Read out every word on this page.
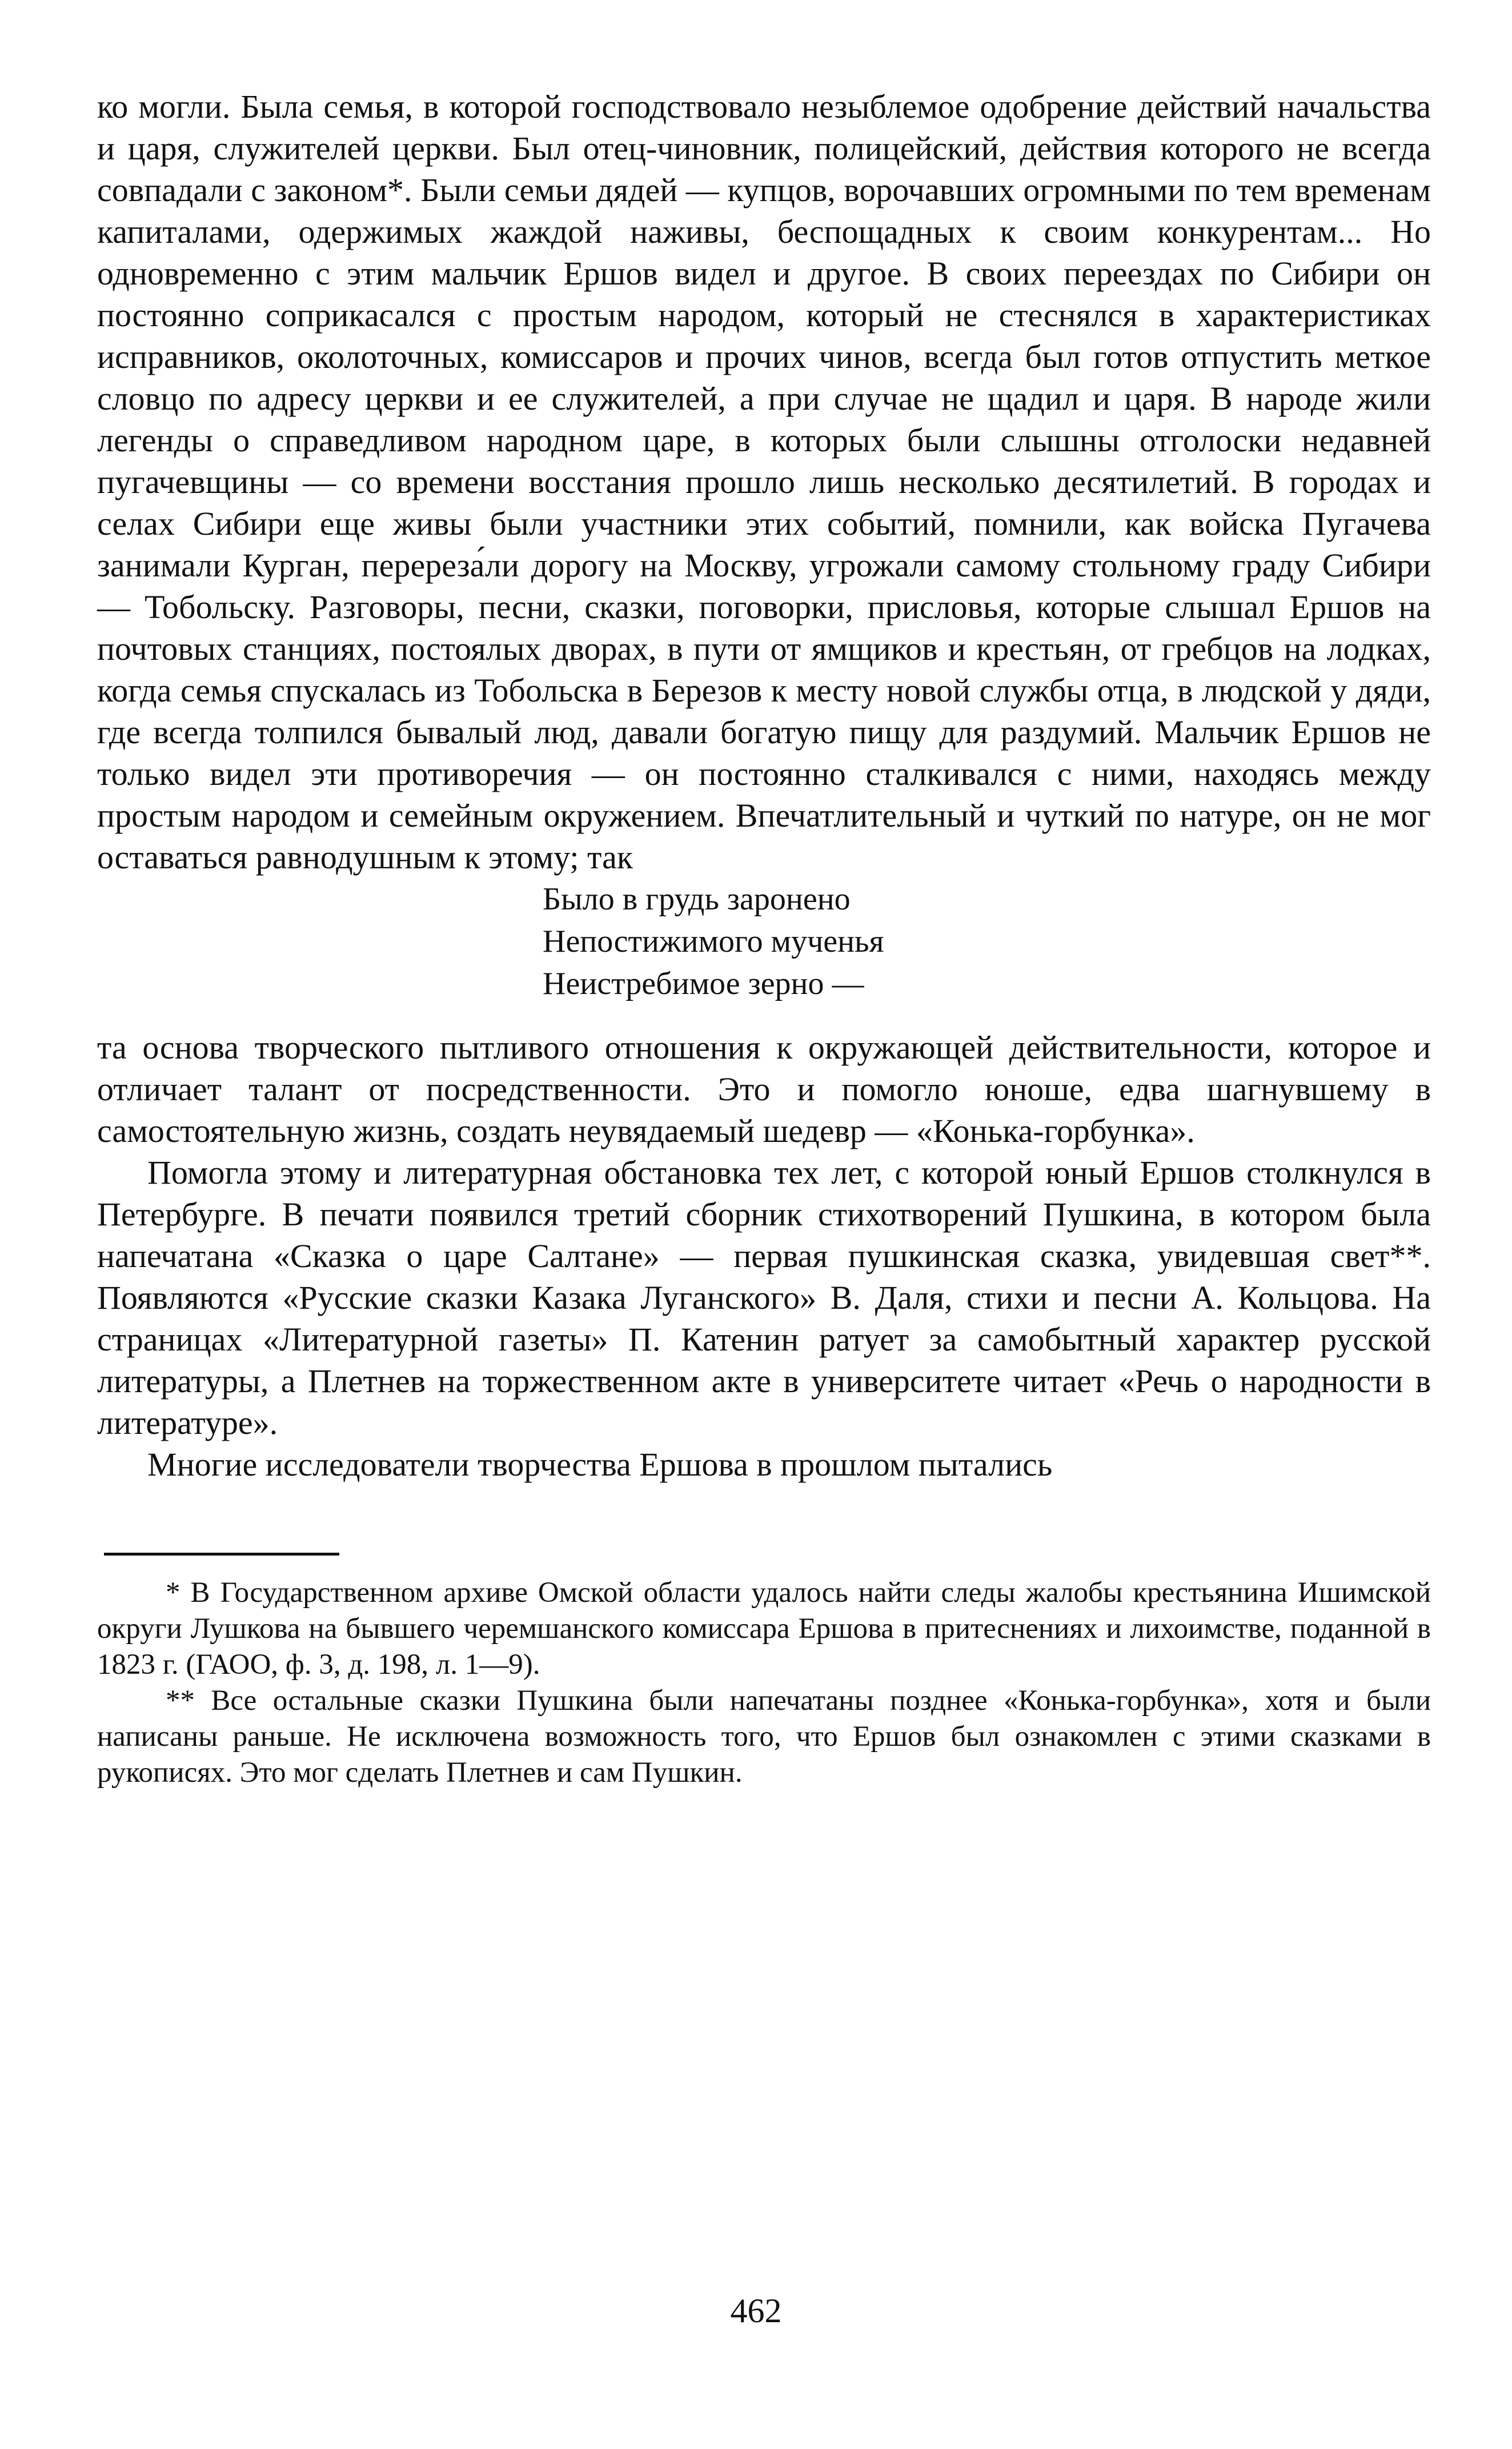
ко могли. Была семья, в которой господствовало незыблемое одобрение действий начальства и царя, служителей церкви. Был отец-чиновник, полицейский, действия которого не всегда совпадали с законом*. Были семьи дядей — купцов, ворочавших огромными по тем временам капиталами, одержимых жаждой наживы, беспощадных к своим конкурентам... Но одновременно с этим мальчик Ершов видел и другое. В своих переездах по Сибири он постоянно соприкасался с простым народом, который не стеснялся в характеристиках исправников, околоточных, комиссаров и прочих чинов, всегда был готов отпустить меткое словцо по адресу церкви и ее служителей, а при случае не щадил и царя. В народе жили легенды о справедливом народном царе, в которых были слышны отголоски недавней пугачевщины — со времени восстания прошло лишь несколько десятилетий. В городах и селах Сибири еще живы были участники этих событий, помнили, как войска Пугачева занимали Курган, перереза́ли дорогу на Москву, угрожали самому стольному граду Сибири — Тобольску. Разговоры, песни, сказки, поговорки, присловья, которые слышал Ершов на почтовых станциях, постоялых дворах, в пути от ямщиков и крестьян, от гребцов на лодках, когда семья спускалась из Тобольска в Березов к месту новой службы отца, в людской у дяди, где всегда толпился бывалый люд, давали богатую пищу для раздумий. Мальчик Ершов не только видел эти противоречия — он постоянно сталкивался с ними, находясь между простым народом и семейным окружением. Впечатлительный и чуткий по натуре, он не мог оставаться равнодушным к этому; так

Было в грудь заронено
Непостижимого мученья
Неистребимое зерно —

та основа творческого пытливого отношения к окружающей действительности, которое и отличает талант от посредственности. Это и помогло юноше, едва шагнувшему в самостоятельную жизнь, создать неувядаемый шедевр — «Конька-горбунка».

Помогла этому и литературная обстановка тех лет, с которой юный Ершов столкнулся в Петербурге. В печати появился третий сборник стихотворений Пушкина, в котором была напечатана «Сказка о царе Салтане» — первая пушкинская сказка, увидевшая свет**. Появляются «Русские сказки Казака Луганского» В. Даля, стихи и песни А. Кольцова. На страницах «Литературной газеты» П. Катенин ратует за самобытный характер русской литературы, а Плетнев на торжественном акте в университете читает «Речь о народности в литературе».

Многие исследователи творчества Ершова в прошлом пытались

* В Государственном архиве Омской области удалось найти следы жалобы крестьянина Ишимской округи Лушкова на бывшего черемшанского комиссара Ершова в притеснениях и лихоимстве, поданной в 1823 г. (ГАОО, ф. 3, д. 198, л. 1—9).

** Все остальные сказки Пушкина были напечатаны позднее «Конька-горбунка», хотя и были написаны раньше. Не исключена возможность того, что Ершов был ознакомлен с этими сказками в рукописях. Это мог сделать Плетнев и сам Пушкин.

462
